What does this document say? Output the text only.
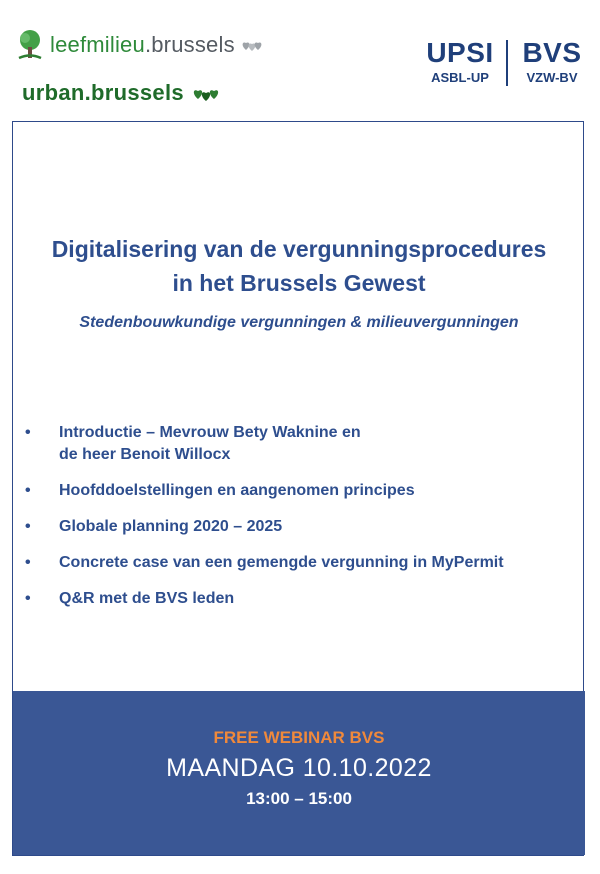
leefmilieu.brussels
urban.brussels
UPSI
ASBL-UP
BVS
VZW-BV
Digitalisering van de vergunningsprocedures
in het Brussels Gewest
Stedenbouwkundige vergunningen & milieuvergunningen
• Introductie – Mevrouw Bety Waknine en
de heer Benoit Willocx
• Hoofddoelstellingen en aangenomen principes
• Globale planning 2020 – 2025
• Concrete case van een gemengde vergunning in MyPermit
• Q&R met de BVS leden
FREE WEBINAR BVS
MAANDAG 10.10.2022
13:00 – 15:00
